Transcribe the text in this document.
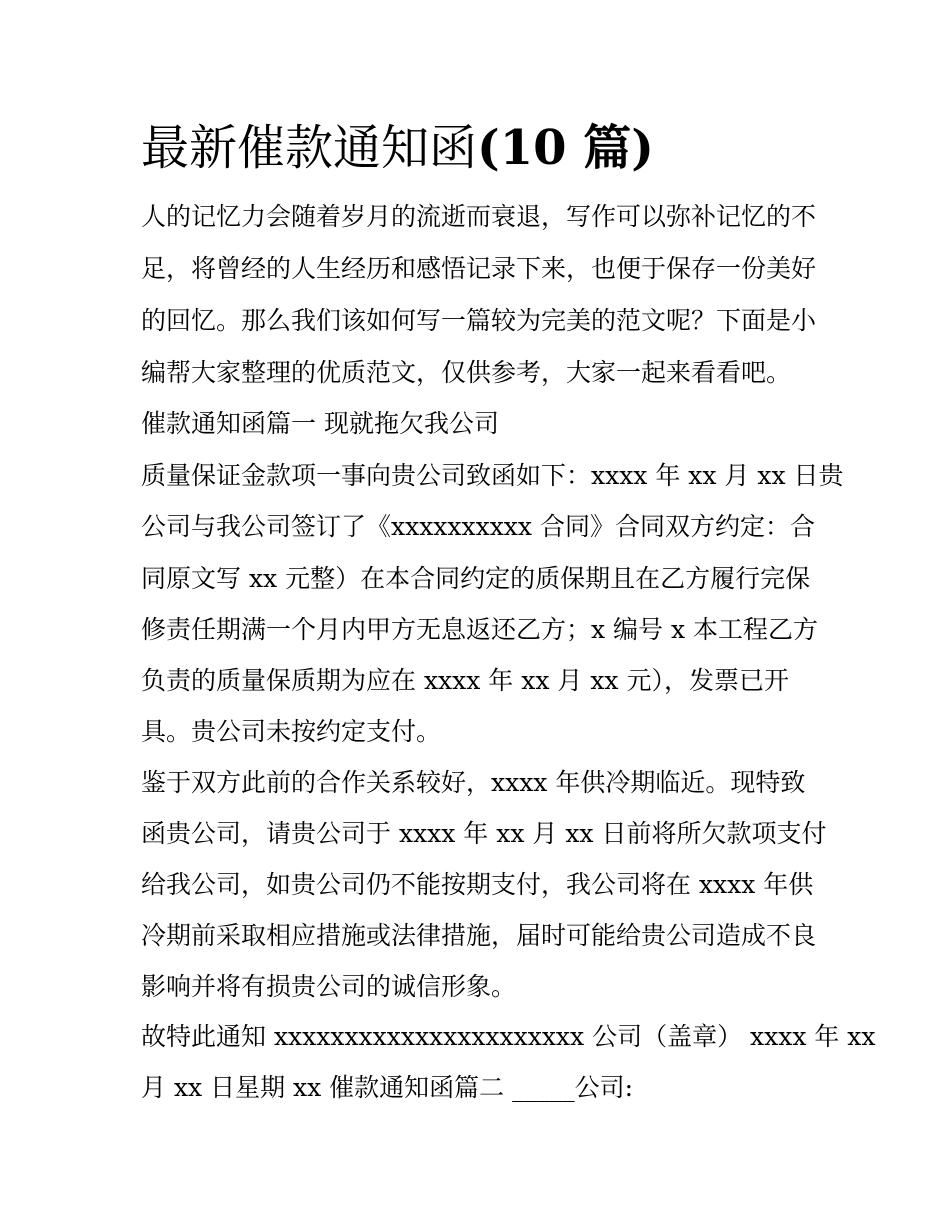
最新催款通知函(10 篇)

人的记忆力会随着岁月的流逝而衰退，写作可以弥补记忆的不

足，将曾经的人生经历和感悟记录下来，也便于保存一份美好

的回忆。那么我们该如何写一篇较为完美的范文呢？下面是小

编帮大家整理的优质范文，仅供参考，大家一起来看看吧。

催款通知函篇一 现就拖欠我公司

质量保证金款项一事向贵公司致函如下：xxxx 年 xx 月 xx 日贵

公司与我公司签订了《xxxxxxxxxx 合同》合同双方约定：合

同原文写 xx 元整）在本合同约定的质保期且在乙方履行完保

修责任期满一个月内甲方无息返还乙方；x 编号 x 本工程乙方

负责的质量保质期为应在 xxxx 年 xx 月 xx 元），发票已开

具。贵公司未按约定支付。

鉴于双方此前的合作关系较好，xxxx 年供冷期临近。现特致

函贵公司，请贵公司于 xxxx 年 xx 月 xx 日前将所欠款项支付

给我公司，如贵公司仍不能按期支付，我公司将在 xxxx 年供

冷期前采取相应措施或法律措施，届时可能给贵公司造成不良

影响并将有损贵公司的诚信形象。

故特此通知 xxxxxxxxxxxxxxxxxxxxxx 公司（盖章） xxxx 年 xx

月 xx 日星期 xx 催款通知函篇二 _____公司:
